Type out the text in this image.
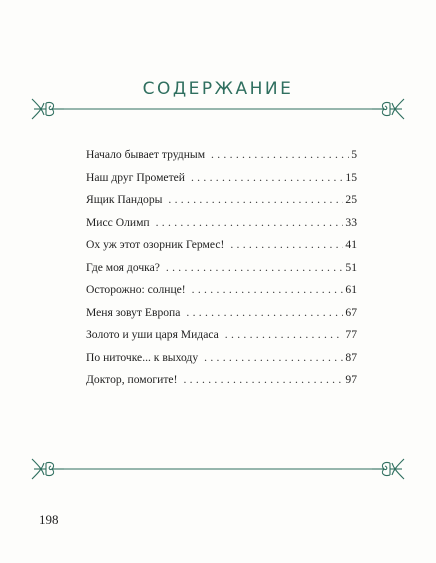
СОДЕРЖАНИЕ
Начало бывает трудным . . .	5
Наш друг Прометей . . .	15
Ящик Пандоры . . .	25
Мисс Олимп . . .	33
Ох уж этот озорник Гермес! . . .	41
Где моя дочка? . . .	51
Осторожно: солнце! . . .	61
Меня зовут Европа . . .	67
Золото и уши царя Мидаса . . .	77
По ниточке... к выходу . . .	87
Доктор, помогите! . . .	97
198
